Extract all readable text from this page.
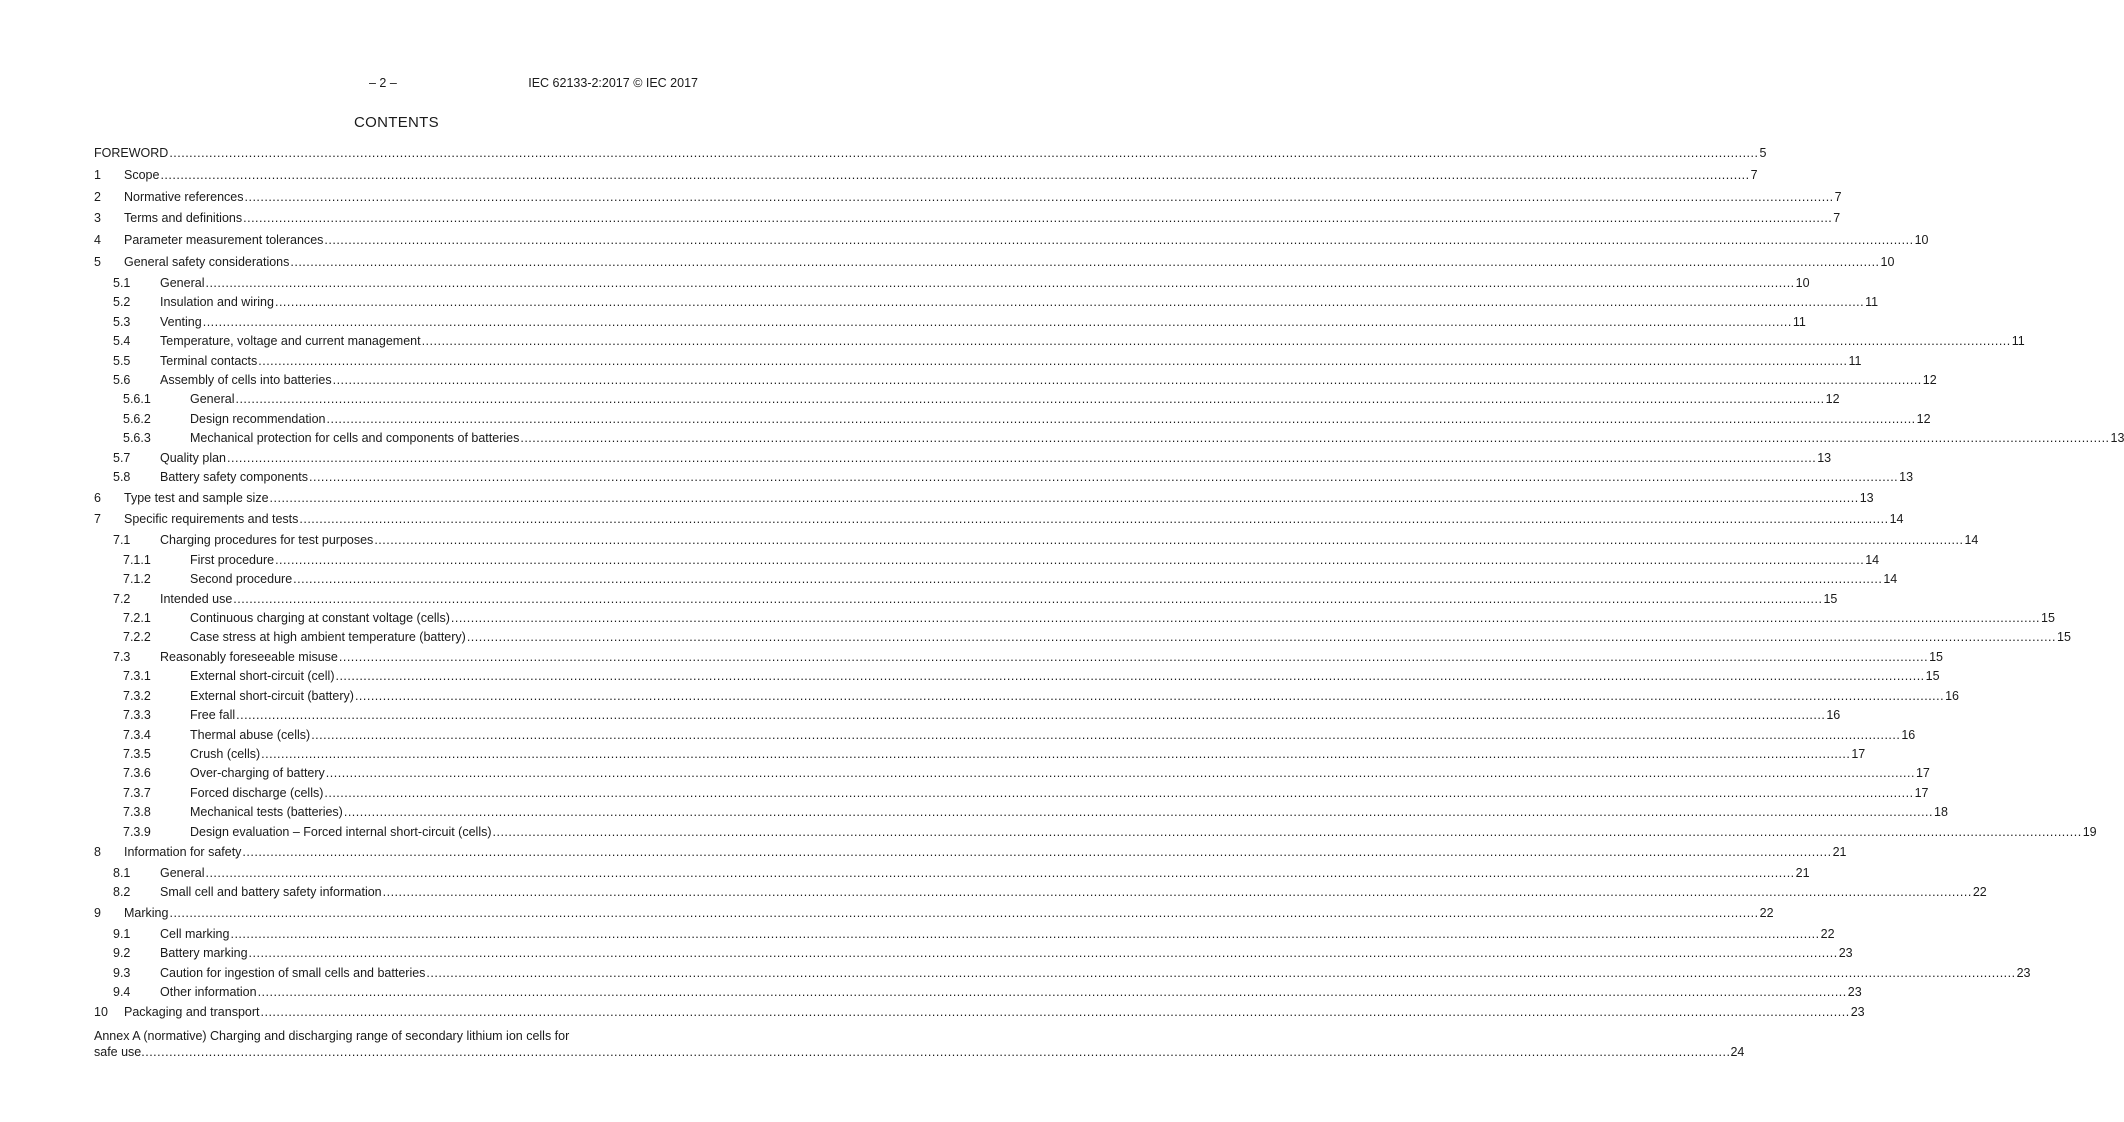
– 2 –	IEC 62133-2:2017 © IEC 2017
CONTENTS
FOREWORD ................................................................................................................................................................................................................................................................................................................................................................................................................ 5
1 Scope ................................................................................................................................................................................................................................................................................................................................................................................................................ 7
2 Normative references ................................................................................................................................................................................................................................................................................................................................................................................................................ 7
3 Terms and definitions ................................................................................................................................................................................................................................................................................................................................................................................................................ 7
4 Parameter measurement tolerances ................................................................................................................................................................................................................................................................................................................................................................................................................ 10
5 General safety considerations ................................................................................................................................................................................................................................................................................................................................................................................................................ 10
5.1 General ................................................................................................................................................................................................................................................................................................................................................................................................................ 10
5.2 Insulation and wiring ................................................................................................................................................................................................................................................................................................................................................................................................................ 11
5.3 Venting ................................................................................................................................................................................................................................................................................................................................................................................................................ 11
5.4 Temperature, voltage and current management ................................................................................................................................................................................................................................................................................................................................................................................................................ 11
5.5 Terminal contacts ................................................................................................................................................................................................................................................................................................................................................................................................................ 11
5.6 Assembly of cells into batteries ................................................................................................................................................................................................................................................................................................................................................................................................................ 12
5.6.1	General ................................................................................................................................................................................................................................................................................................................................................................................................................ 12
5.6.2	Design recommendation ................................................................................................................................................................................................................................................................................................................................................................................................................ 12
5.6.3	Mechanical protection for cells and components of batteries ................................................................................................................................................................................................................................................................................................................................................................................................................ 13
5.7 Quality plan ................................................................................................................................................................................................................................................................................................................................................................................................................ 13
5.8 Battery safety components ................................................................................................................................................................................................................................................................................................................................................................................................................ 13
6 Type test and sample size ................................................................................................................................................................................................................................................................................................................................................................................................................ 13
7 Specific requirements and tests ................................................................................................................................................................................................................................................................................................................................................................................................................ 14
7.1 Charging procedures for test purposes ................................................................................................................................................................................................................................................................................................................................................................................................................ 14
7.1.1	First procedure ................................................................................................................................................................................................................................................................................................................................................................................................................ 14
7.1.2	Second procedure ................................................................................................................................................................................................................................................................................................................................................................................................................ 14
7.2 Intended use ................................................................................................................................................................................................................................................................................................................................................................................................................ 15
7.2.1	Continuous charging at constant voltage (cells) ................................................................................................................................................................................................................................................................................................................................................................................................................ 15
7.2.2	Case stress at high ambient temperature (battery) ................................................................................................................................................................................................................................................................................................................................................................................................................ 15
7.3 Reasonably foreseeable misuse ................................................................................................................................................................................................................................................................................................................................................................................................................ 15
7.3.1	External short-circuit (cell) ................................................................................................................................................................................................................................................................................................................................................................................................................ 15
7.3.2	External short-circuit (battery) ................................................................................................................................................................................................................................................................................................................................................................................................................ 16
7.3.3	Free fall ................................................................................................................................................................................................................................................................................................................................................................................................................ 16
7.3.4	Thermal abuse (cells) ................................................................................................................................................................................................................................................................................................................................................................................................................ 16
7.3.5	Crush (cells) ................................................................................................................................................................................................................................................................................................................................................................................................................ 17
7.3.6	Over-charging of battery ................................................................................................................................................................................................................................................................................................................................................................................................................ 17
7.3.7	Forced discharge (cells) ................................................................................................................................................................................................................................................................................................................................................................................................................ 17
7.3.8	Mechanical tests (batteries) ................................................................................................................................................................................................................................................................................................................................................................................................................ 18
7.3.9	Design evaluation – Forced internal short-circuit (cells) ................................................................................................................................................................................................................................................................................................................................................................................................................ 19
8 Information for safety ................................................................................................................................................................................................................................................................................................................................................................................................................ 21
8.1 General ................................................................................................................................................................................................................................................................................................................................................................................................................ 21
8.2 Small cell and battery safety information ................................................................................................................................................................................................................................................................................................................................................................................................................ 22
9 Marking ................................................................................................................................................................................................................................................................................................................................................................................................................ 22
9.1 Cell marking ................................................................................................................................................................................................................................................................................................................................................................................................................ 22
9.2 Battery marking ................................................................................................................................................................................................................................................................................................................................................................................................................ 23
9.3 Caution for ingestion of small cells and batteries ................................................................................................................................................................................................................................................................................................................................................................................................................ 23
9.4 Other information ................................................................................................................................................................................................................................................................................................................................................................................................................ 23
10 Packaging and transport ................................................................................................................................................................................................................................................................................................................................................................................................................ 23
Annex A (normative) Charging and discharging range of secondary lithium ion cells for
safe use ................................................................................................................................................................................................................................................................................................................................................................................................................ 24
